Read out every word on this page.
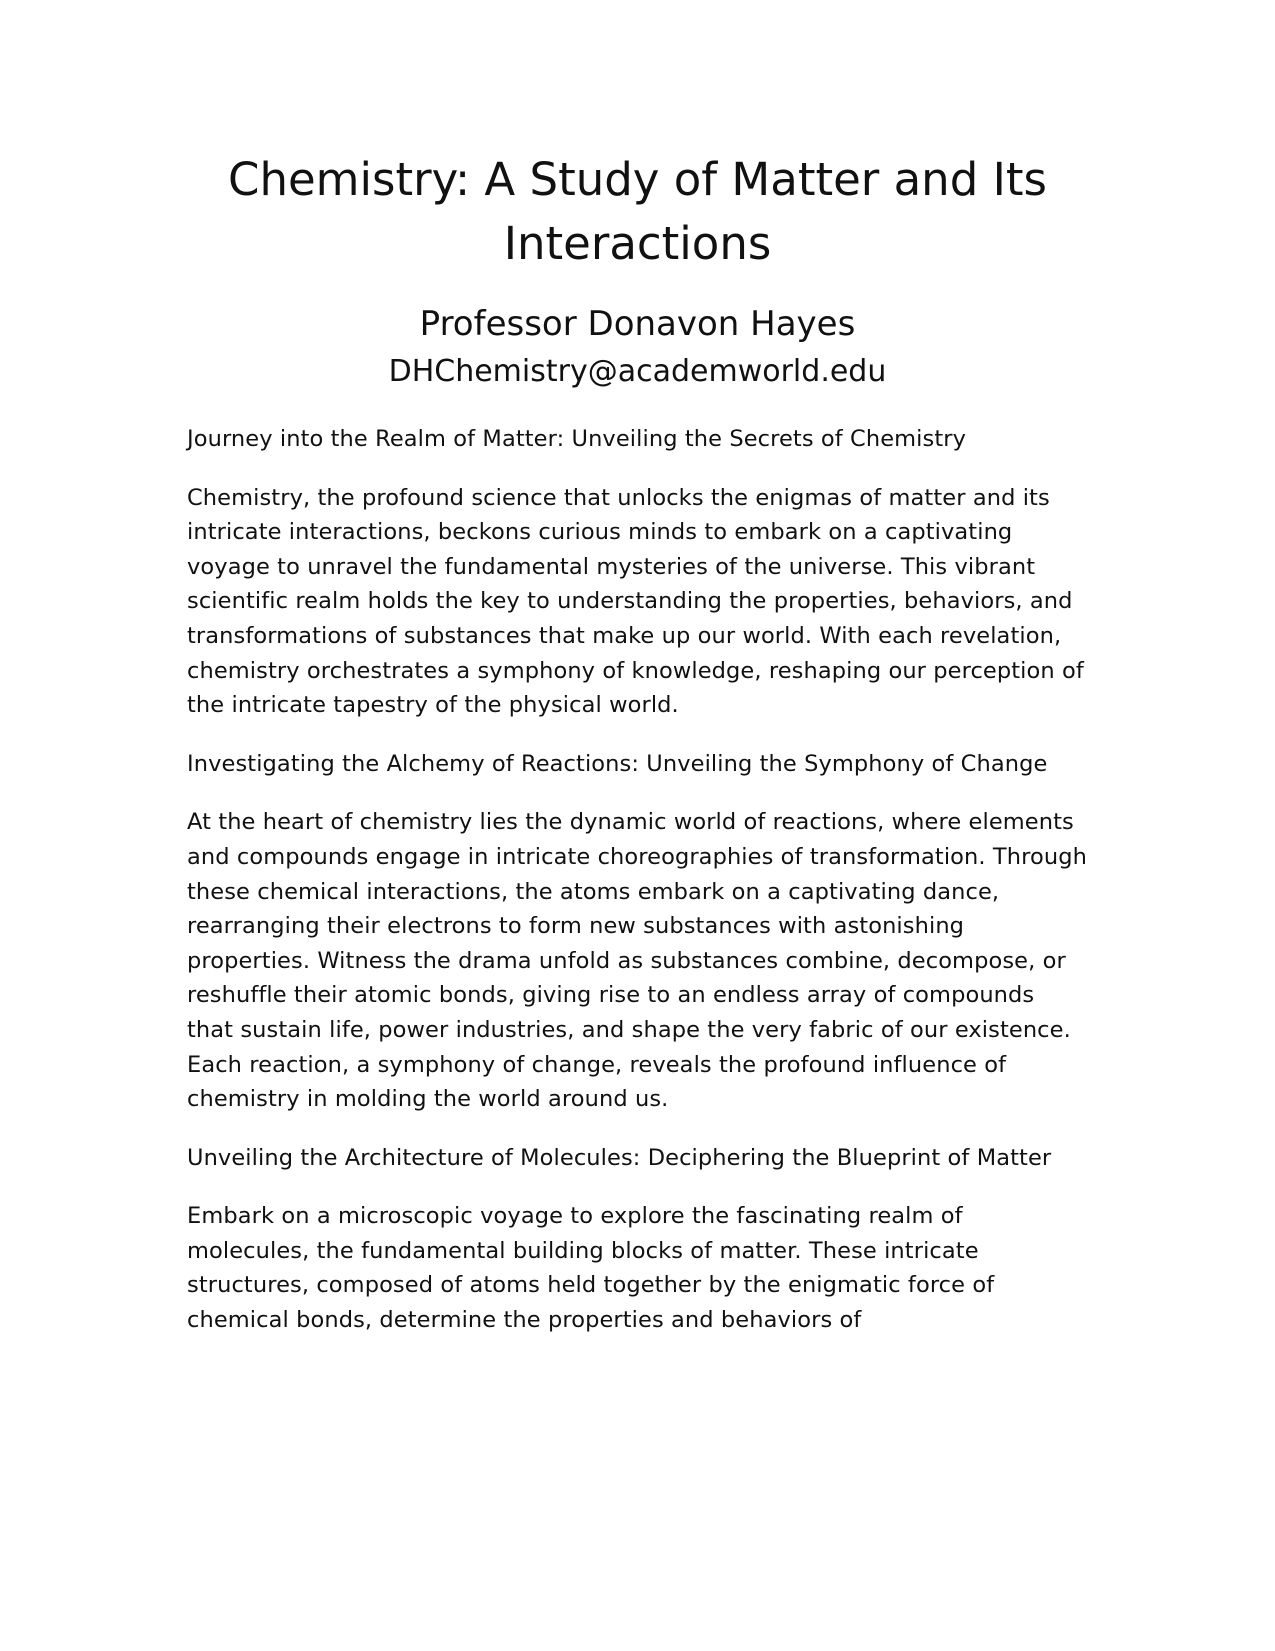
Chemistry: A Study of Matter and Its Interactions
Professor Donavon Hayes
DHChemistry@academworld.edu

Journey into the Realm of Matter: Unveiling the Secrets of Chemistry

Chemistry, the profound science that unlocks the enigmas of matter and its intricate interactions, beckons curious minds to embark on a captivating voyage to unravel the fundamental mysteries of the universe. This vibrant scientific realm holds the key to understanding the properties, behaviors, and transformations of substances that make up our world. With each revelation, chemistry orchestrates a symphony of knowledge, reshaping our perception of the intricate tapestry of the physical world.

Investigating the Alchemy of Reactions: Unveiling the Symphony of Change

At the heart of chemistry lies the dynamic world of reactions, where elements and compounds engage in intricate choreographies of transformation. Through these chemical interactions, the atoms embark on a captivating dance, rearranging their electrons to form new substances with astonishing properties. Witness the drama unfold as substances combine, decompose, or reshuffle their atomic bonds, giving rise to an endless array of compounds that sustain life, power industries, and shape the very fabric of our existence. Each reaction, a symphony of change, reveals the profound influence of chemistry in molding the world around us.

Unveiling the Architecture of Molecules: Deciphering the Blueprint of Matter

Embark on a microscopic voyage to explore the fascinating realm of molecules, the fundamental building blocks of matter. These intricate structures, composed of atoms held together by the enigmatic force of chemical bonds, determine the properties and behaviors of
